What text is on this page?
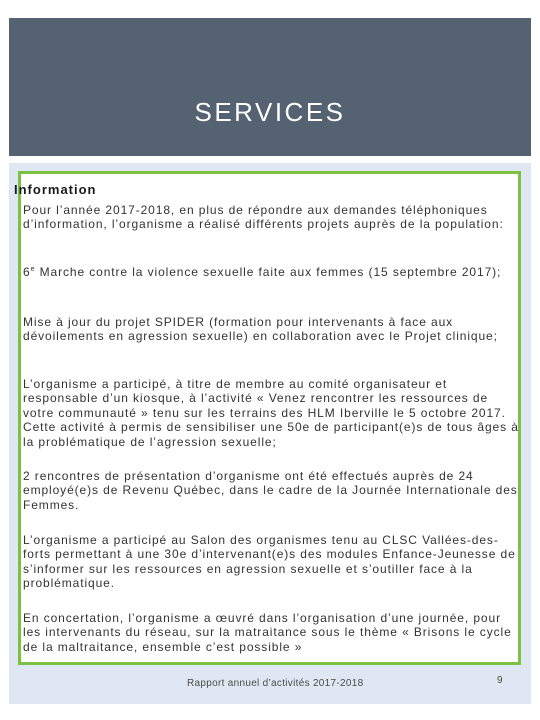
SERVICES
Information

Pour l’année 2017-2018, en plus de répondre aux demandes téléphoniques d’information, l’organisme a réalisé différents projets auprès de la population:

6e Marche contre la violence sexuelle faite aux femmes (15 septembre 2017);

Mise à jour du projet SPIDER (formation pour intervenants à face aux dévoilements en agression sexuelle) en collaboration avec le Projet clinique;

L’organisme a participé, à titre de membre au comité organisateur et responsable d’un kiosque, à l’activité « Venez rencontrer les ressources de votre communauté » tenu sur les terrains des HLM Iberville le 5 octobre 2017. Cette activité à permis de sensibiliser une 50e de participant(e)s de tous âges à la problématique de l’agression sexuelle;

2 rencontres de présentation d’organisme ont été effectués auprès de 24 employé(e)s de Revenu Québec, dans le cadre de la Journée Internationale des Femmes.

L’organisme a participé au Salon des organismes tenu au CLSC Vallées-des-forts permettant à une 30e d’intervenant(e)s des modules Enfance-Jeunesse de s’informer sur les ressources en agression sexuelle et s’outiller face à la problématique.

En concertation, l’organisme a œuvré dans l’organisation d’une journée, pour les intervenants du réseau, sur la matraitance sous le thème « Brisons le cycle de la maltraitance, ensemble c’est possible »

Rapport annuel d’activités 2017-2018	9
